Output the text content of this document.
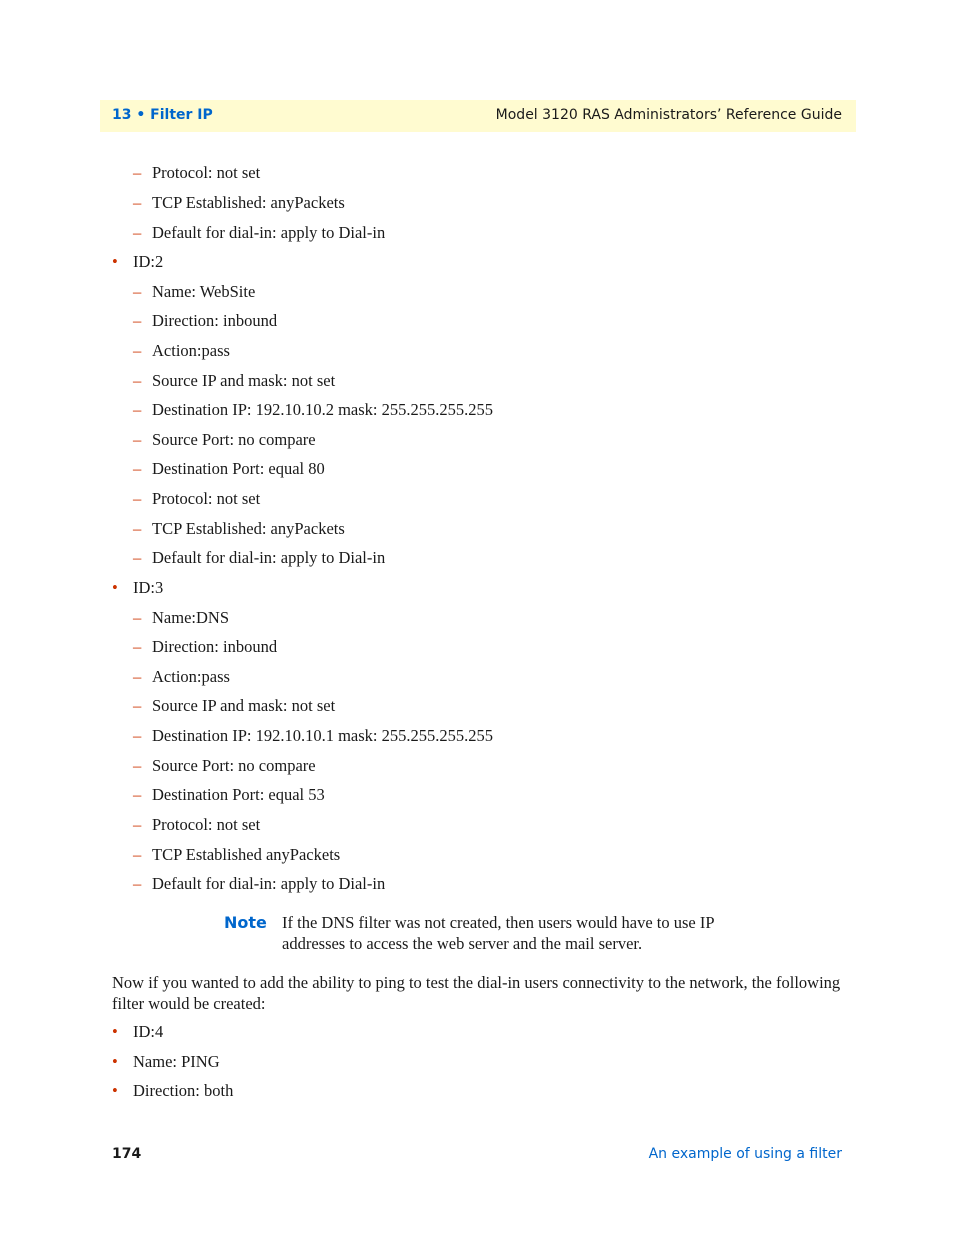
13 • Filter IP	Model 3120 RAS Administrators’ Reference Guide
– Protocol: not set
– TCP Established: anyPackets
– Default for dial-in: apply to Dial-in
• ID:2
– Name: WebSite
– Direction: inbound
– Action:pass
– Source IP and mask: not set
– Destination IP: 192.10.10.2 mask: 255.255.255.255
– Source Port: no compare
– Destination Port: equal 80
– Protocol: not set
– TCP Established: anyPackets
– Default for dial-in: apply to Dial-in
• ID:3
– Name:DNS
– Direction: inbound
– Action:pass
– Source IP and mask: not set
– Destination IP: 192.10.10.1 mask: 255.255.255.255
– Source Port: no compare
– Destination Port: equal 53
– Protocol: not set
– TCP Established anyPackets
– Default for dial-in: apply to Dial-in
Note If the DNS filter was not created, then users would have to use IP addresses to access the web server and the mail server.
Now if you wanted to add the ability to ping to test the dial-in users connectivity to the network, the following filter would be created:
• ID:4
• Name: PING
• Direction: both
174	An example of using a filter
